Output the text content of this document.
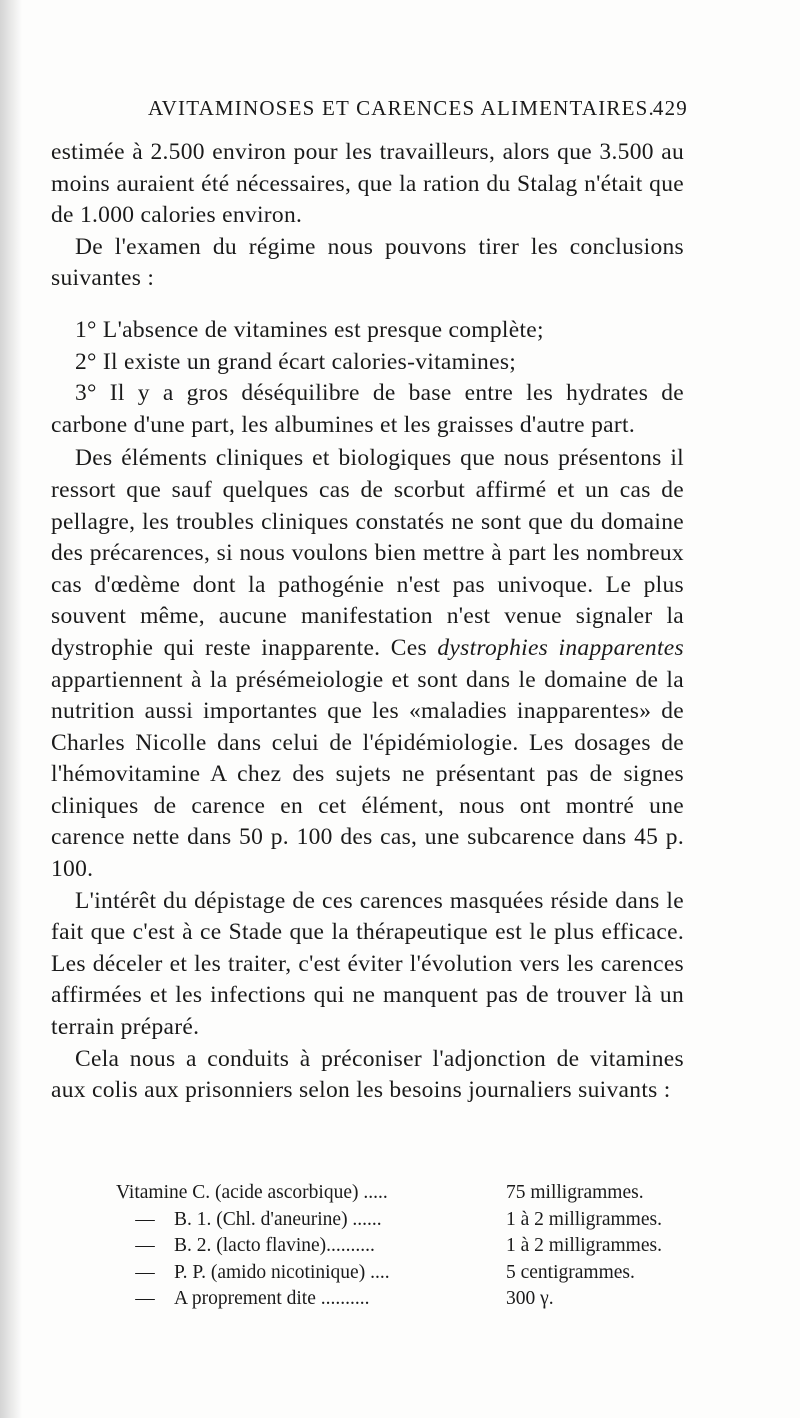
AVITAMINOSES ET CARENCES ALIMENTAIRES.
429

estimée à 2.500 environ pour les travailleurs, alors que 3.500 au moins auraient été nécessaires, que la ration du Stalag n'était que de 1.000 calories environ.

De l'examen du régime nous pouvons tirer les conclusions suivantes :

1° L'absence de vitamines est presque complète;

2° Il existe un grand écart calories-vitamines;

3° Il y a gros déséquilibre de base entre les hydrates de carbone d'une part, les albumines et les graisses d'autre part.

Des éléments cliniques et biologiques que nous présentons il ressort que sauf quelques cas de scorbut affirmé et un cas de pellagre, les troubles cliniques constatés ne sont que du domaine des précarences, si nous voulons bien mettre à part les nombreux cas d'œdème dont la pathogénie n'est pas univoque. Le plus souvent même, aucune manifestation n'est venue signaler la dystrophie qui reste inapparente. Ces dystrophies inapparentes appartiennent à la présémeiologie et sont dans le domaine de la nutrition aussi importantes que les «maladies inapparentes» de Charles Nicolle dans celui de l'épidémiologie. Les dosages de l'hémovitamine A chez des sujets ne présentant pas de signes cliniques de carence en cet élément, nous ont montré une carence nette dans 50 p. 100 des cas, une subcarence dans 45 p. 100.

L'intérêt du dépistage de ces carences masquées réside dans le fait que c'est à ce Stade que la thérapeutique est le plus efficace. Les déceler et les traiter, c'est éviter l'évolution vers les carences affirmées et les infections qui ne manquent pas de trouver là un terrain préparé.

Cela nous a conduits à préconiser l'adjonction de vitamines aux colis aux prisonniers selon les besoins journaliers suivants :

Vitamine C. (acide ascorbique) .....	75 milligrammes.
— B. 1. (Chl. d'aneurine) ......	1 à 2 milligrammes.
— B. 2. (lacto flavine)..........	1 à 2 milligrammes.
— P. P. (amido nicotinique) ....	5 centigrammes.
— A proprement dite ..........	300 γ.
